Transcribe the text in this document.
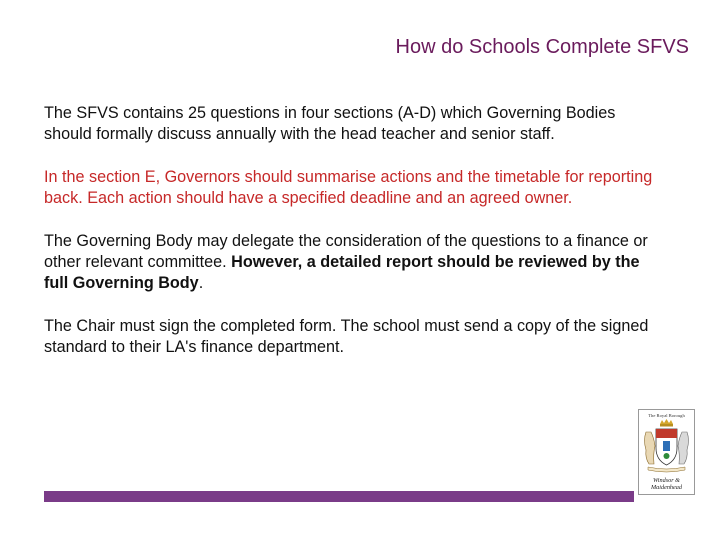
How do Schools Complete SFVS

The SFVS contains 25 questions in four sections (A-D) which Governing Bodies should formally discuss annually with the head teacher and senior staff.

In the section E, Governors should summarise actions and the timetable for reporting back. Each action should have a specified deadline and an agreed owner.

The Governing Body may delegate the consideration of the questions to a finance or other relevant committee. However, a detailed report should be reviewed by the full Governing Body.

The Chair must sign the completed form. The school must send a copy of the signed standard to their LA's finance department.

The Royal Borough
Windsor &
Maidenhead
